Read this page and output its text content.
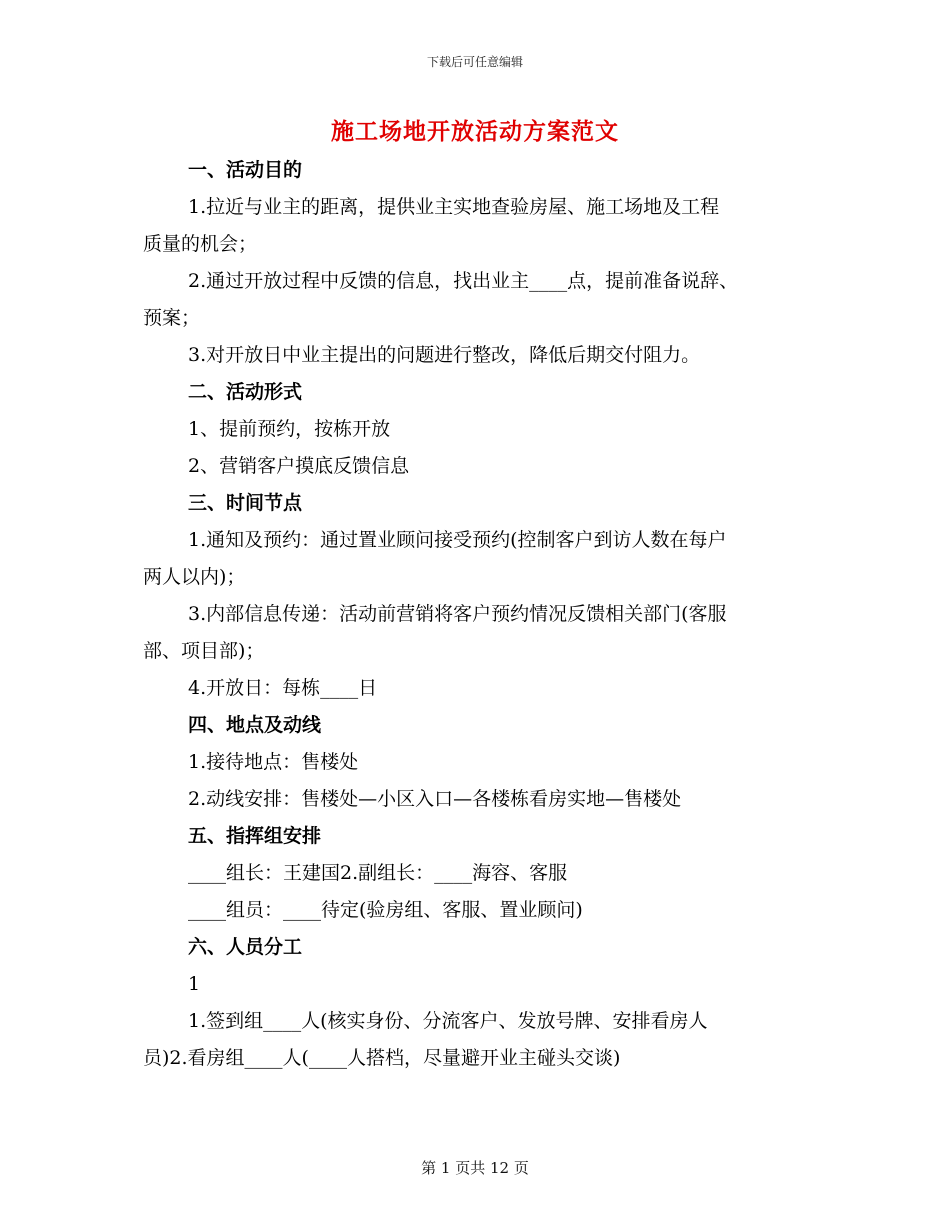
下载后可任意编辑
施工场地开放活动方案范文

一、活动目的

1.拉近与业主的距离，提供业主实地查验房屋、施工场地及工程

质量的机会；

2.通过开放过程中反馈的信息，找出业主____点，提前准备说辞、

预案；

3.对开放日中业主提出的问题进行整改，降低后期交付阻力。

二、活动形式

1、提前预约，按栋开放

2、营销客户摸底反馈信息

三、时间节点

1.通知及预约：通过置业顾问接受预约(控制客户到访人数在每户

两人以内)；

3.内部信息传递：活动前营销将客户预约情况反馈相关部门(客服

部、项目部)；

4.开放日：每栋____日

四、地点及动线

1.接待地点：售楼处

2.动线安排：售楼处—小区入口—各楼栋看房实地—售楼处

五、指挥组安排

____组长：王建国2.副组长：____海容、客服

____组员：____待定(验房组、客服、置业顾问)

六、人员分工

1

1.签到组____人(核实身份、分流客户、发放号牌、安排看房人

员)2.看房组____人(____人搭档，尽量避开业主碰头交谈)

第 1 页共 12 页
